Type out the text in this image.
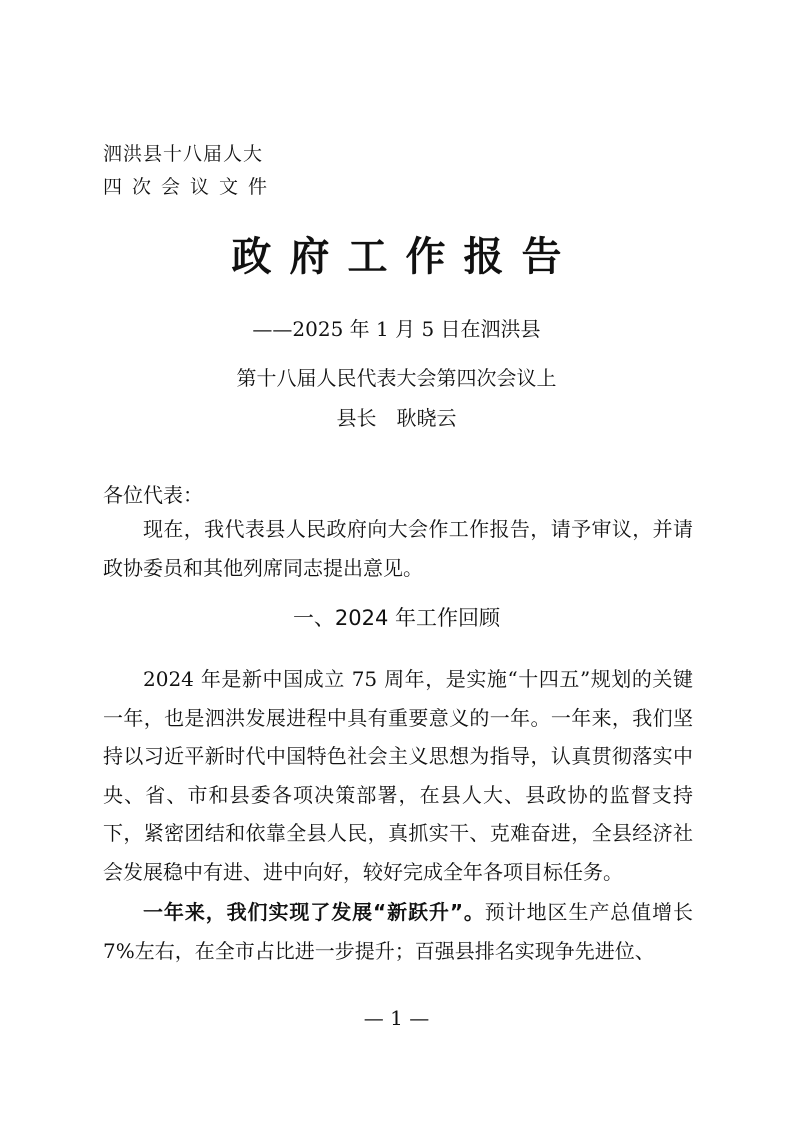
泗洪县十八届人大
四次会议文件
政府工作报告
——2025 年 1 月 5 日在泗洪县
第十八届人民代表大会第四次会议上
县长　耿晓云
各位代表：

现在，我代表县人民政府向大会作工作报告，请予审议，并请政协委员和其他列席同志提出意见。

一、2024 年工作回顾

2024 年是新中国成立 75 周年，是实施“十四五”规划的关键一年，也是泗洪发展进程中具有重要意义的一年。一年来，我们坚持以习近平新时代中国特色社会主义思想为指导，认真贯彻落实中央、省、市和县委各项决策部署，在县人大、县政协的监督支持下，紧密团结和依靠全县人民，真抓实干、克难奋进，全县经济社会发展稳中有进、进中向好，较好完成全年各项目标任务。

一年来，我们实现了发展“新跃升”。预计地区生产总值增长 7%左右，在全市占比进一步提升；百强县排名实现争先进位、

— 1 —
